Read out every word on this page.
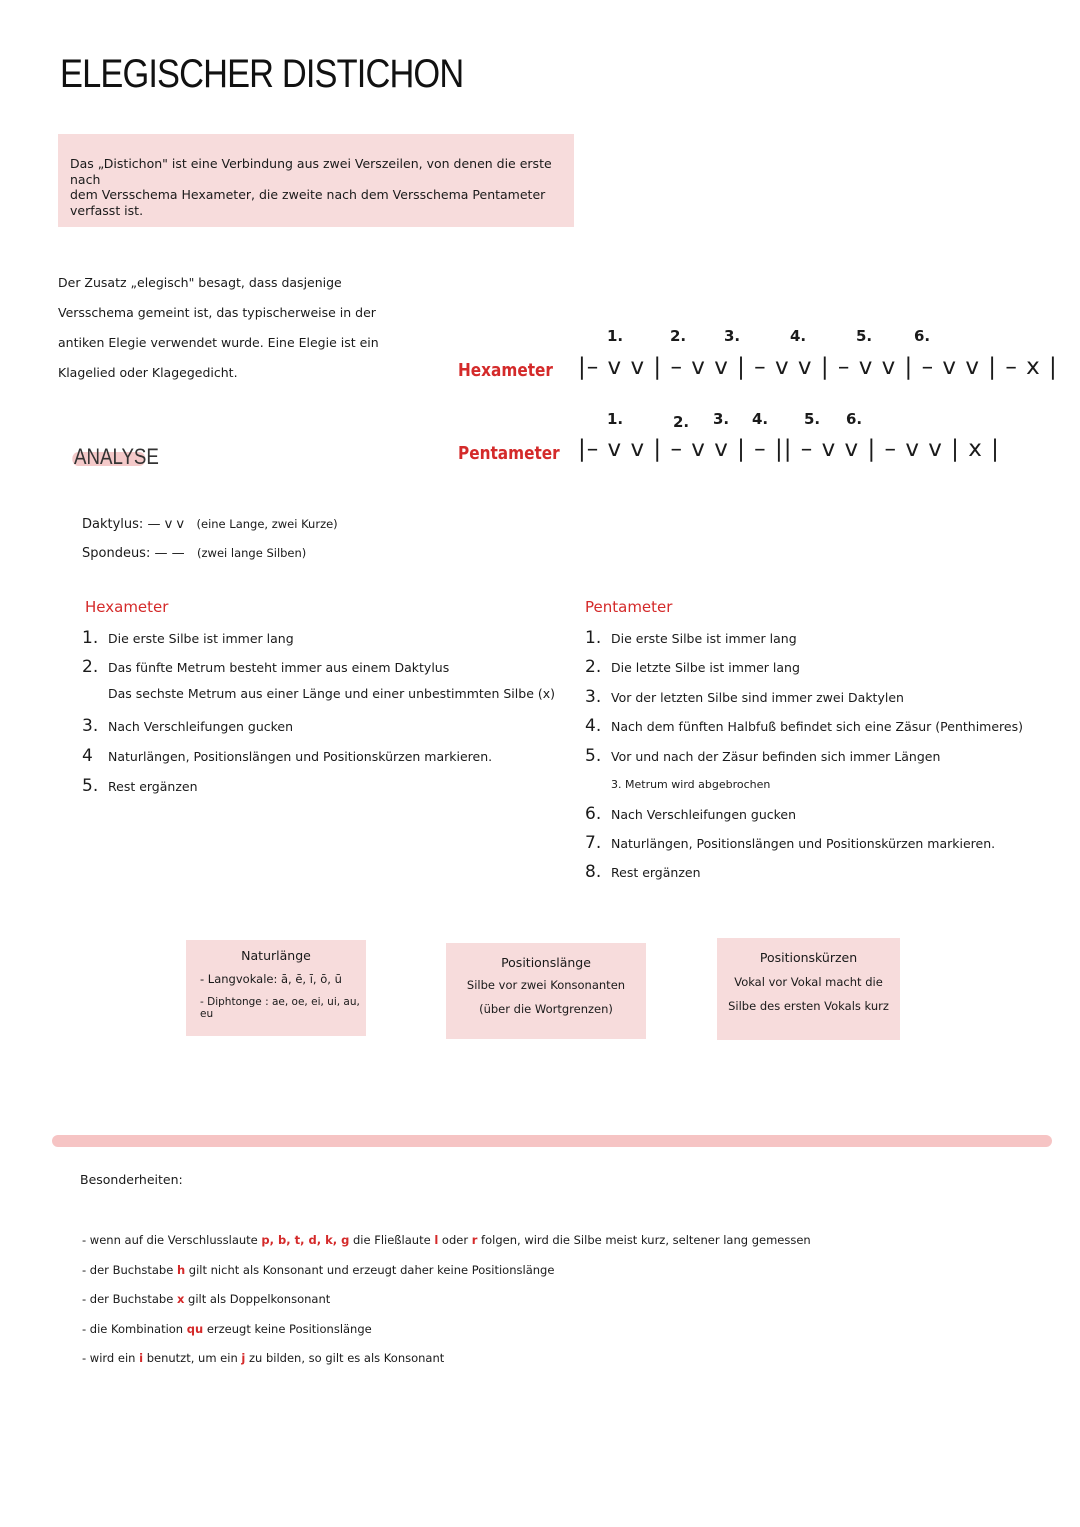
ELEGISCHER DISTICHON

Das „Distichon" ist eine Verbindung aus zwei Verszeilen, von denen die erste nach

dem Versschema Hexameter, die zweite nach dem Versschema Pentameter verfasst ist.

Der Zusatz „elegisch" besagt, dass dasjenige
Versschema gemeint ist, das typischerweise in der
antiken Elegie verwendet wurde. Eine Elegie ist ein
Klagelied oder Klagegedicht.	Hexameter
1.	2.	3.	4.	5.	6.
|– v v | – v v | – v v | – v v | – v v | – x |
Pentameter
1.	2. 3. 4. 5. 6.
|– v v | – v v | – || – v v | – v v | x |
ANALYSE
Daktylus: — v v (eine Lange, zwei Kurze)
Spondeus: — — (zwei lange Silben)
Hexameter
1. Die erste Silbe ist immer lang
2. Das fünfte Metrum besteht immer aus einem Daktylus
Das sechste Metrum aus einer Länge und einer unbestimmten Silbe (x)
3. Nach Verschleifungen gucken
4 Naturlängen, Positionslängen und Positionskürzen markieren.
5. Rest ergänzen
Pentameter
1. Die erste Silbe ist immer lang
2. Die letzte Silbe ist immer lang
3. Vor der letzten Silbe sind immer zwei Daktylen
4. Nach dem fünften Halbfuß befindet sich eine Zäsur (Penthimeres)
5. Vor und nach der Zäsur befinden sich immer Längen
3. Metrum wird abgebrochen
6. Nach Verschleifungen gucken
7. Naturlängen, Positionslängen und Positionskürzen markieren.
8. Rest ergänzen
Naturlänge
- Langvokale: ā, ē, ī, ō, ū
- Diphtonge : ae, oe, ei, ui, au, eu
Positionslänge
Silbe vor zwei Konsonanten
(über die Wortgrenzen)
Positionskürzen
Vokal vor Vokal macht die
Silbe des ersten Vokals kurz
Besonderheiten:
- wenn auf die Verschlusslaute p, b, t, d, k, g die Fließlaute l oder r folgen, wird die Silbe meist kurz, seltener lang gemessen
- der Buchstabe h gilt nicht als Konsonant und erzeugt daher keine Positionslänge
- der Buchstabe x gilt als Doppelkonsonant
- die Kombination qu erzeugt keine Positionslänge
- wird ein i benutzt, um ein j zu bilden, so gilt es als Konsonant
